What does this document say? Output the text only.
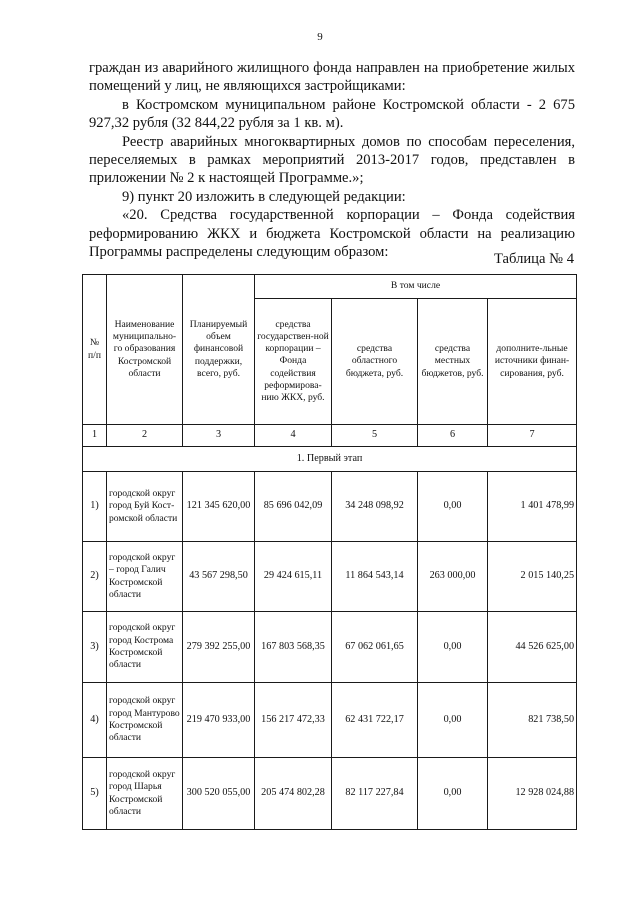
9

граждан из аварийного жилищного фонда направлен на приобретение жилых помещений у лиц, не являющихся застройщиками:

в Костромском муниципальном районе Костромской области - 2 675 927,32 рубля (32 844,22 рубля за 1 кв. м).

Реестр аварийных многоквартирных домов по способам переселения, переселяемых в рамках мероприятий 2013-2017 годов, представлен в приложении № 2 к настоящей Программе.»;

9) пункт 20 изложить в следующей редакции:

«20. Средства государственной корпорации – Фонда содействия реформированию ЖКХ и бюджета Костромской области на реализацию Программы распределены следующим образом:	Таблица № 4
№ п/п	Наименование муниципально-го образования Костромской области	Планируемый объем финансовой поддержки, всего, руб.	В том числе			
			средства государствен-ной корпорации – Фонда содействия реформирова-нию ЖКХ, руб.	средства областного бюджета, руб.	средства местных бюджетов, руб.	дополните-льные источники финан-сирования, руб.
1	2	3	4	5	6	7
1. Первый этап						
1)	городской округ город Буй Кост-ромской области	121 345 620,00	85 696 042,09	34 248 098,92	0,00	1 401 478,99
2)	городской округ – город Галич Костромской области	43 567 298,50	29 424 615,11	11 864 543,14	263 000,00	2 015 140,25
3)	городской округ город Кострома Костромской области	279 392 255,00	167 803 568,35	67 062 061,65	0,00	44 526 625,00
4)	городской округ город Мантурово Костромской области	219 470 933,00	156 217 472,33	62 431 722,17	0,00	821 738,50
5)	городской округ город Шарья Костромской области	300 520 055,00	205 474 802,28	82 117 227,84	0,00	12 928 024,88
